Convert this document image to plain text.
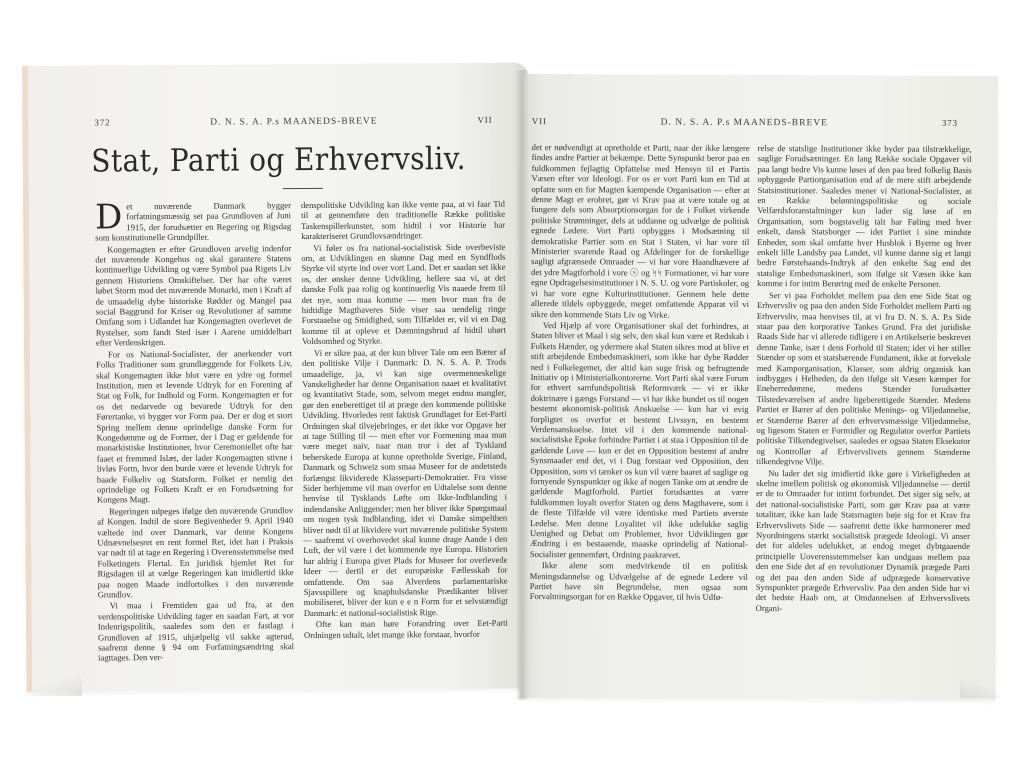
372	D. N. S. A. P.s MAANEDS-BREVE	VII
Stat, Parti og Erhvervsliv.

Det nuværende Danmark bygger forfatningsmæssig set paa Grundloven af Juni 1915, der forudsætter en Regering og Rigsdag som konstitutionelle Grundpiller.

Kongemagten er efter Grundloven arvelig indenfor det nuværende Kongehus og skal garantere Statens kontinuerlige Udvikling og være Symbol paa Rigets Liv gennem Historiens Omskiftelser. Der har ofte været løbet Storm mod det nuværende Monarki, men i Kraft af de umaadelig dybe historiske Rødder og Mangel paa social Baggrund for Kriser og Revolutioner af samme Omfang som i Udlandet har Kongemagten overlevet de Rystelser, som fandt Sted især i Aarene umiddelbart efter Verdenskrigen.

For os National-Socialister, der anerkender vort Folks Traditioner som grundlæggende for Folkets Liv, skal Kongemagten ikke blot være en ydre og formel Institution, men et levende Udtryk for en Forening af Stat og Folk, for Indhold og Form. Kongemagten er for os det nedarvede og bevarede Udtryk for den Førertanke, vi bygger vor Form paa. Der er dog et stort Spring mellem denne oprindelige danske Form for Kongedømme og de Former, der i Dag er gældende for monarkistiske Institutioner, hvor Ceremoniellet ofte har faaet et fremmed Islæt, der lader Kongemagten stivne i livløs Form, hvor den burde være et levende Udtryk for baade Folkeliv og Statsform. Folket er nemlig det oprindelige og Folkets Kraft er en Forudsætning for Kongens Magt.

Regeringen udpeges ifølge den nuværende Grundlov af Kongen. Indtil de store Begivenheder 9. April 1940 væltede ind over Danmark, var denne Kongens Udnævnelsesret en rent formel Ret, idet han i Praksis var nødt til at tage en Regering i Overensstemmelse med Folketingets Flertal. En juridisk hjemlet Ret for Rigsdagen til at vælge Regeringen kan imidlertid ikke paa nogen Maade indfortolkes i den nuværende Grundlov.

Vi maa i Fremtiden gaa ud fra, at den verdenspolitiske Udvikling tager en saadan Fart, at vor Indenrigspolitik, saaledes som den er fastlagt i Grundloven af 1915, uhjælpelig vil sakke agterud, saafremt denne § 94 om Forfatningsændring skal iagttages. Den ver-

denspolitiske Udvikling kan ikke vente paa, at vi faar Tid til at gennemføre den traditionelle Række politiske Taskenspillerkunster, som hidtil i vor Historie har karakteriseret Grundlovsændringer.

Vi føler os fra national-socialistisk Side overbeviste om, at Udviklingen en skønne Dag med en Syndflods Styrke vil styrte ind over vort Land. Det er saadan set ikke os, der ønsker denne Udvikling, hellere saa vi, at det danske Folk paa rolig og kontinuerlig Vis naaede frem til det nye, som maa komme — men hvor man fra de hidtidige Magthaveres Side viser saa uendelig ringe Forstaaelse og Smidighed, som Tilfældet er, vil vi en Dag komme til at opleve et Dæmningsbrud af hidtil uhørt Voldsomhed og Styrke.

Vi er sikre paa, at der kun bliver Tale om een Bærer af den politiske Vilje i Danmark: D. N. S. A. P. Trods umaadelige, ja, vi kan sige overmenneskelige Vanskeligheder har denne Organisation naaet et kvalitativt og kvantitativt Stade, som, selvom meget endnu mangler, gør den eneberettiget til at præge den kommende politiske Udvikling. Hvorledes rent faktisk Grundlaget for Eet-Parti Ordningen skal tilvejebringes, er det ikke vor Opgave her at tage Stilling til — men efter vor Formening maa man være meget naiv, naar man tror i det af Tyskland beherskede Europa at kunne opretholde Sverige, Finland, Danmark og Schweiz som smaa Museer for de andetsteds forlængst likviderede Klasseparti-Demokratier. Fra visse Sider herhjemme vil man overfor en Udtalelse som denne henvise til Tysklands Løfte om Ikke-Indblanding i indendanske Anliggender; men her bliver ikke Spørgsmaal om nogen tysk Indblanding, idet vi Danske simpelthen bliver nødt til at likvidere vort nuværende politiske System — saafremt vi overhovedet skal kunne drage Aande i den Luft, der vil være i det kommende nye Europa. Historien har aldrig i Europa givet Plads for Museer for overlevede Ideer — dertil er det europæiske Fællesskab for omfattende. Om saa Alverdens parlamentariske Sjavsspillere og knaphulsdanske Prædikanter bliver mobiliseret, bliver der kun e e n Form for et selvstændigt Danmark: et national-socialistisk Rige.

Ofte kan man høre Forandring over Eet-Parti Ordningen udtalt, idet mange ikke forstaar, hvorfor

VII	D. N. S. A. P.s MAANEDS-BREVE	373

det er nødvendigt at opretholde et Parti, naar der ikke længere findes andre Partier at bekæmpe. Dette Synspunkt beror paa en fuldkommen fejlagtig Opfattelse med Hensyn til et Partis Væsen efter vor Ideologi. For os er vort Parti kun en Tid at opfatte som en for Magten kæmpende Organisation — efter at denne Magt er erobret, gør vi Krav paa at være totale og at fungere dels som Absorptionsorgan for de i Folket virkende politiske Strømninger, dels at uddanne og udvælge de politisk egnede Ledere. Vort Parti opbygges i Modsætning til demokratiske Partier som en Stat i Staten, vi har vore til Ministerier svarende Raad og Afdelinger for de forskellige sagligt afgrænsede Omraader — vi har vore Haandhævere af det ydre Magtforhold i vore ⓢ og ᛋᛋ Formationer, vi har vore egne Opdragelsesinstitutioner i N. S. U. og vore Partiskoler, og vi har vore egne Kulturinstitutioner. Gennem hele dette allerede tildels opbyggede, meget omfattende Apparat vil vi sikre den kommende Stats Liv og Virke.

Ved Hjælp af vore Organisationer skal det forhindres, at Staten bliver et Maal i sig selv, den skal kun være et Redskab i Folkets Hænder, og ydermere skal Staten sikres mod at blive et stift arbejdende Embedsmaskineri, som ikke har dybe Rødder ned i Folkelegemet, der altid kan suge frisk og befrugtende Initiativ op i Ministerialkontorerne. Vort Parti skal være Forum for ethvert samfundspolitisk Reformværk — vi er ikke doktrinære i gængs Forstand — vi har ikke bundet os til nogen bestemt økonomisk-politisk Anskuelse — kun har vi evig forpligtet os overfor et bestemt Livssyn, en bestemt Verdensanskuelse. Intet vil i den kommende national-socialistiske Epoke forhindre Partiet i at staa i Opposition til de gældende Love — kun er det en Opposition bestemt af andre Synsmaader end det, vi i Dag forstaar ved Opposition, den Opposition, som vi tænker os kun vil være baaret af saglige og fornyende Synspunkter og ikke af nogen Tanke om at ændre de gældende Magtforhold. Partiet forudsættes at være fuldkommen loyalt overfor Staten og dens Magthavere, som i de fleste Tilfælde vil være identiske med Partiets øverste Ledelse. Men denne Loyalitet vil ikke udelukke saglig Uenighed og Debat om Problemer, hvor Udviklingen gør Ændring i en bestaaende, maaske oprindelig af National-Socialister gennemført, Ordning paakrævet.

Ikke alene som medvirkende til en politisk Meningsdannelse og Udvælgelse af de egnede Ledere vil Partiet have sin Begrundelse, men ogsaa som Forvaltningsorgan for en Række Opgaver, til hvis Udfø-

relse de statslige Institutioner ikke byder paa tilstrækkelige, saglige Forudsætninger. En lang Række sociale Opgaver vil paa langt bedre Vis kunne løses af den paa bred folkelig Basis opbyggede Partiorganisation end af de mere stift arbejdende Statsinstitutioner. Saaledes mener vi National-Socialister, at en Række belønningspolitiske og sociale Velfærdsforanstaltninger kun lader sig løse af en Organisation, som bogstavelig talt har Føling med hver enkelt, dansk Statsborger — idet Partiet i sine mindste Enheder, som skal omfatte hver Husblok i Byerne og hver enkelt lille Landsby paa Landet, vil kunne danne sig et langt bedre Førstehaands-Indtryk af den enkelte Sag end det statslige Embedsmaskineri, som ifølge sit Væsen ikke kan komme i for intim Berøring med de enkelte Personer.

Ser vi paa Forholdet mellem paa den ene Side Stat og Erhvervsliv og paa den anden Side Forholdet mellem Parti og Erhvervsliv, maa henvises til, at vi fra D. N. S. A. P.s Side staar paa den korporative Tankes Grund. Fra det juridiske Raads Side har vi allerede tidligere i en Artikelserie beskrevet denne Tanke, især i dens Forhold til Staten; idet vi her stiller Stænder op som et statsbærende Fundament, ikke at forveksle med Kamporganisation, Klasser, som aldrig organisk kan indbygges i Helheden, da den ifølge sit Væsen kæmper for Eneherredømme, medens Stænder forudsætter Tilstedeværelsen af andre ligeberettigede Stænder. Medens Partiet er Bærer af den politiske Menings- og Viljedannelse, er Stænderne Bærer af den erhvervsmæssige Viljedannelse, og ligesom Staten er Formidler og Regulator overfor Partiets politiske Tilkendegivelser, saaledes er ogsaa Staten Eksekutor og Kontrollør af Erhvervslivets gennem Stænderne tilkendegivne Vilje.

Nu lader det sig imidlertid ikke gøre i Virkeligheden at skelne imellem politisk og økonomisk Viljedannelse — dertil er de to Omraader for intimt forbundet. Det siger sig selv, at det national-socialistiske Parti, som gør Krav paa at være totalitær, ikke kan lade Statsmagten bøje sig for et Krav fra Erhvervslivets Side — saafremt dette ikke harmonerer med Nyordningens stærkt socialistisk prægede Ideologi. Vi anser det for aldeles udelukket, at endog meget dybtgaaende principielle Uoverensstemmelser kan undgaas mellem paa den ene Side det af en revolutionær Dynamik prægede Parti og det paa den anden Side af udprægede konservative Synspunkter prægede Erhvervsliv. Paa den anden Side har vi det bedste Haab om, at Omdannelsen af Erhvervslivets Organi-
